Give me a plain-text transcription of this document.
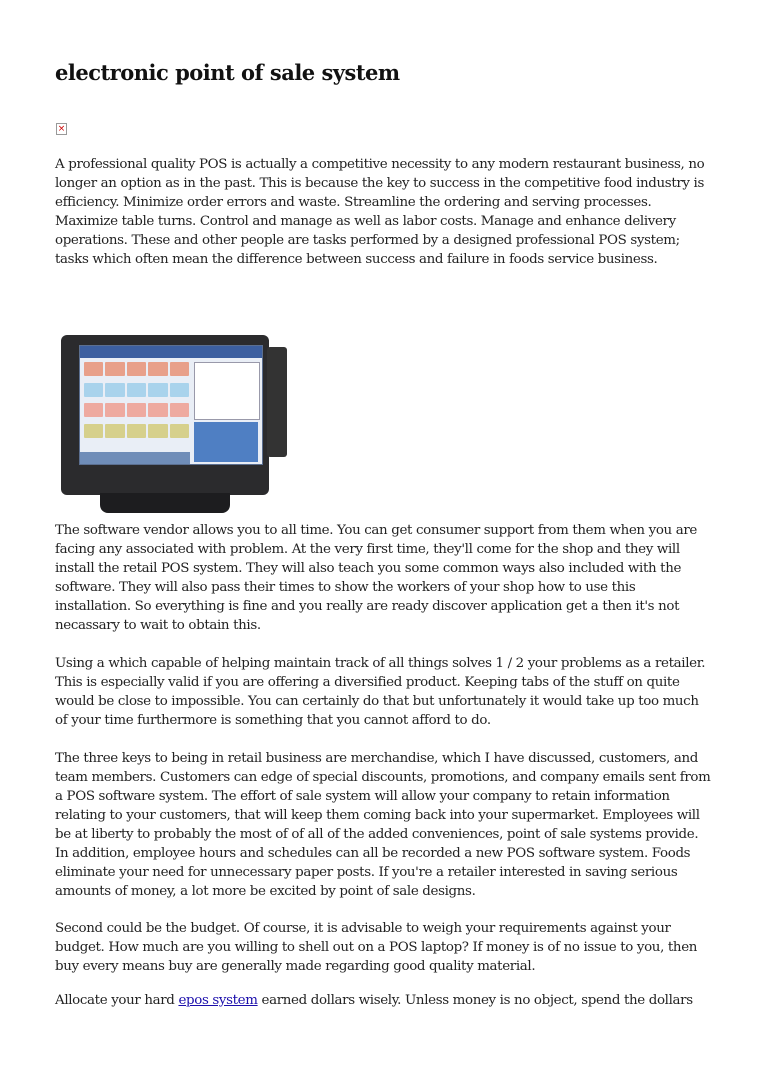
electronic point of sale system
×
A professional quality POS is actually a competitive necessity to any modern restaurant business, no
longer an option as in the past. This is because the key to success in the competitive food industry is
efficiency. Minimize order errors and waste. Streamline the ordering and serving processes.
Maximize table turns. Control and manage as well as labor costs. Manage and enhance delivery
operations. These and other people are tasks performed by a designed professional POS system;
tasks which often mean the difference between success and failure in foods service business.
The software vendor allows you to all time. You can get consumer support from them when you are
facing any associated with problem. At the very first time, they'll come for the shop and they will
install the retail POS system. They will also teach you some common ways also included with the
software. They will also pass their times to show the workers of your shop how to use this
installation. So everything is fine and you really are ready discover application get a then it's not
necassary to wait to obtain this.
Using a which capable of helping maintain track of all things solves 1 / 2 your problems as a retailer.
This is especially valid if you are offering a diversified product. Keeping tabs of the stuff on quite
would be close to impossible. You can certainly do that but unfortunately it would take up too much
of your time furthermore is something that you cannot afford to do.
The three keys to being in retail business are merchandise, which I have discussed, customers, and
team members. Customers can edge of special discounts, promotions, and company emails sent from
a POS software system. The effort of sale system will allow your company to retain information
relating to your customers, that will keep them coming back into your supermarket. Employees will
be at liberty to probably the most of of all of the added conveniences, point of sale systems provide.
In addition, employee hours and schedules can all be recorded a new POS software system. Foods
eliminate your need for unnecessary paper posts. If you're a retailer interested in saving serious
amounts of money, a lot more be excited by point of sale designs.
Second could be the budget. Of course, it is advisable to weigh your requirements against your
budget. How much are you willing to shell out on a POS laptop? If money is of no issue to you, then
buy every means buy are generally made regarding good quality material.
Allocate your hard epos system earned dollars wisely. Unless money is no object, spend the dollars
